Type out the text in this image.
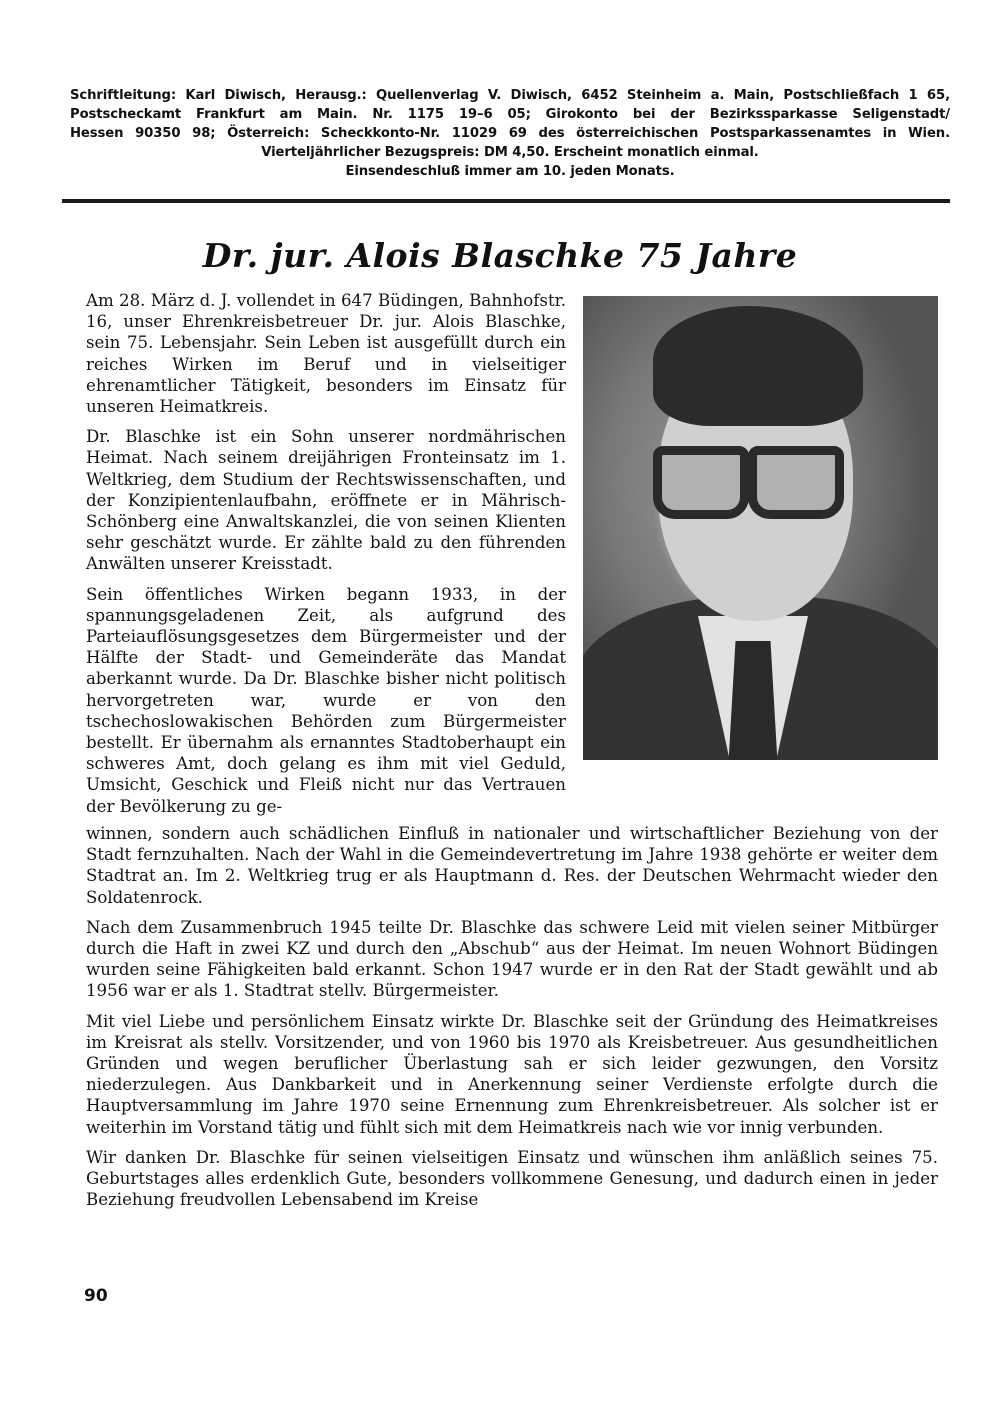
Schriftleitung: Karl Diwisch, Herausg.: Quellenverlag V. Diwisch, 6452 Steinheim a. Main, Postschließfach 1 65,
Postscheckamt Frankfurt am Main. Nr. 1175 19–6 05; Girokonto bei der Bezirkssparkasse Seligenstadt/
Hessen 90350 98; Österreich: Scheckkonto-Nr. 11029 69 des österreichischen Postsparkassenamtes in Wien.
Vierteljährlicher Bezugspreis: DM 4,50. Erscheint monatlich einmal.
Einsendeschluß immer am 10. jeden Monats.
Dr. jur. Alois Blaschke 75 Jahre

Am 28. März d. J. vollendet in 647 Büdingen, Bahnhofstr. 16, unser Ehrenkreisbetreuer Dr. jur. Alois Blaschke, sein 75. Lebensjahr. Sein Leben ist ausgefüllt durch ein reiches Wirken im Beruf und in vielseitiger ehrenamtlicher Tätigkeit, besonders im Einsatz für unseren Heimatkreis.

Dr. Blaschke ist ein Sohn unserer nordmährischen Heimat. Nach seinem dreijährigen Fronteinsatz im 1. Weltkrieg, dem Studium der Rechtswissenschaften, und der Konzipientenlaufbahn, eröffnete er in Mährisch-Schönberg eine Anwaltskanzlei, die von seinen Klienten sehr geschätzt wurde. Er zählte bald zu den führenden Anwälten unserer Kreisstadt.

Sein öffentliches Wirken begann 1933, in der spannungsgeladenen Zeit, als aufgrund des Parteiauflösungsgesetzes dem Bürgermeister und der Hälfte der Stadt- und Gemeinderäte das Mandat aberkannt wurde. Da Dr. Blaschke bisher nicht politisch hervorgetreten war, wurde er von den tschechoslowakischen Behörden zum Bürgermeister bestellt. Er übernahm als ernanntes Stadtoberhaupt ein schweres Amt, doch gelang es ihm mit viel Geduld, Umsicht, Geschick und Fleiß nicht nur das Vertrauen der Bevölkerung zu ge-

winnen, sondern auch schädlichen Einfluß in nationaler und wirtschaftlicher Beziehung von der Stadt fernzuhalten. Nach der Wahl in die Gemeindevertretung im Jahre 1938 gehörte er weiter dem Stadtrat an. Im 2. Weltkrieg trug er als Hauptmann d. Res. der Deutschen Wehrmacht wieder den Soldatenrock.

Nach dem Zusammenbruch 1945 teilte Dr. Blaschke das schwere Leid mit vielen seiner Mitbürger durch die Haft in zwei KZ und durch den „Abschub“ aus der Heimat. Im neuen Wohnort Büdingen wurden seine Fähigkeiten bald erkannt. Schon 1947 wurde er in den Rat der Stadt gewählt und ab 1956 war er als 1. Stadtrat stellv. Bürgermeister.

Mit viel Liebe und persönlichem Einsatz wirkte Dr. Blaschke seit der Gründung des Heimatkreises im Kreisrat als stellv. Vorsitzender, und von 1960 bis 1970 als Kreisbetreuer. Aus gesundheitlichen Gründen und wegen beruflicher Überlastung sah er sich leider gezwungen, den Vorsitz niederzulegen. Aus Dankbarkeit und in Anerkennung seiner Verdienste erfolgte durch die Hauptversammlung im Jahre 1970 seine Ernennung zum Ehrenkreisbetreuer. Als solcher ist er weiterhin im Vorstand tätig und fühlt sich mit dem Heimatkreis nach wie vor innig verbunden.

Wir danken Dr. Blaschke für seinen vielseitigen Einsatz und wünschen ihm anläßlich seines 75. Geburtstages alles erdenklich Gute, besonders vollkommene Genesung, und dadurch einen in jeder Beziehung freudvollen Lebensabend im Kreise

90
